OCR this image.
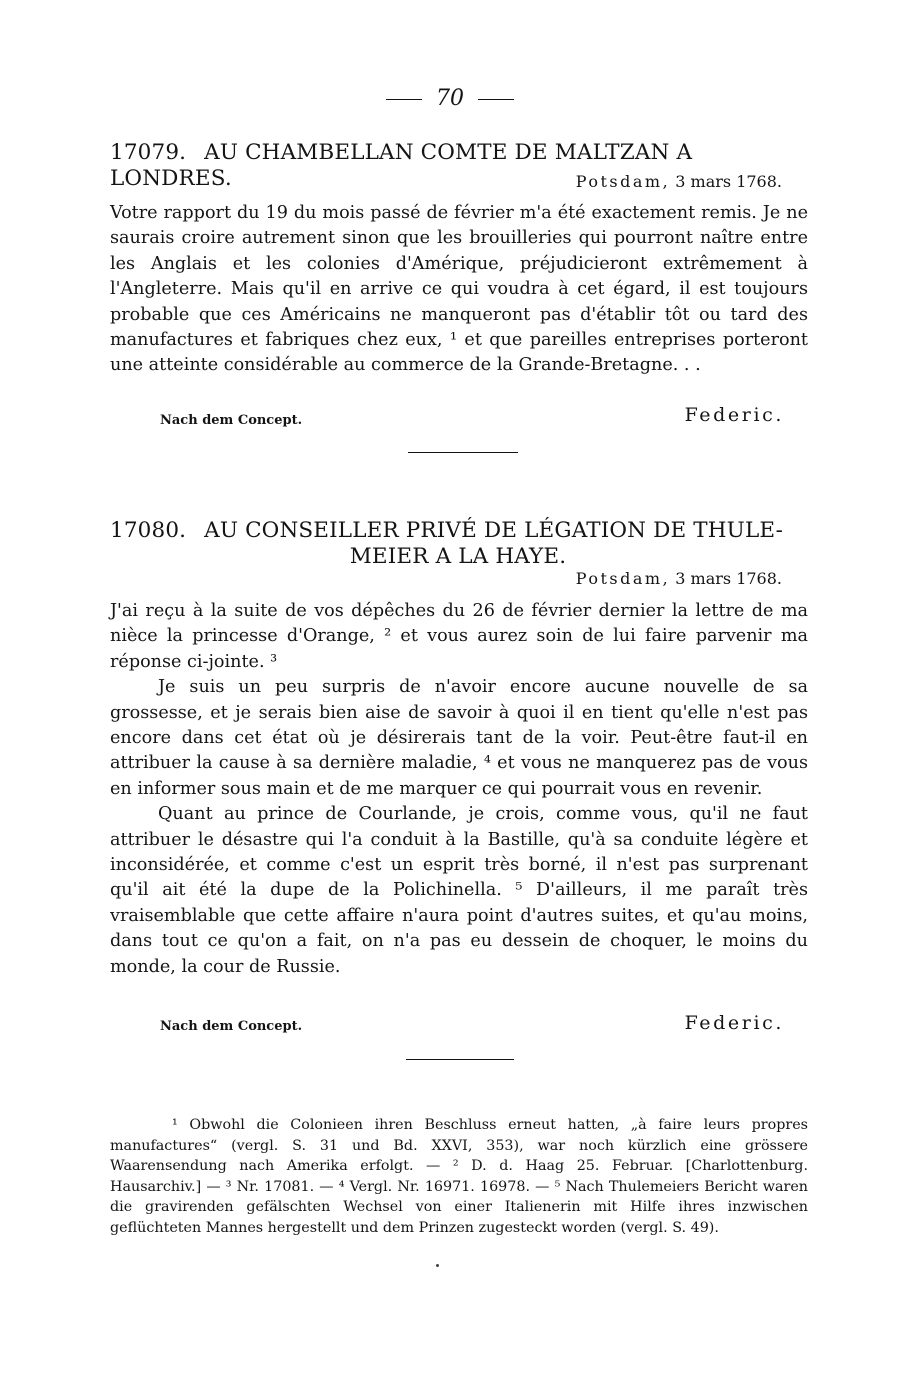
70
17079. AU CHAMBELLAN COMTE DE MALTZAN A LONDRES.	Potsdam, 3 mars 1768.
Votre rapport du 19 du mois passé de février m'a été exactement remis. Je ne saurais croire autrement sinon que les brouilleries qui pourront naître entre les Anglais et les colonies d'Amérique, préjudicieront extrêmement à l'Angleterre. Mais qu'il en arrive ce qui voudra à cet égard, il est toujours probable que ces Américains ne manqueront pas d'établir tôt ou tard des manufactures et fabriques chez eux, ¹ et que pareilles entreprises porteront une atteinte considérable au commerce de la Grande-Bretagne. . .
Nach dem Concept.	Federic.
17080. AU CONSEILLER PRIVÉ DE LÉGATION DE THULE-
MEIER A LA HAYE.
Potsdam, 3 mars 1768.
J'ai reçu à la suite de vos dépêches du 26 de février dernier la lettre de ma nièce la princesse d'Orange, ² et vous aurez soin de lui faire parvenir ma réponse ci-jointe. ³
Je suis un peu surpris de n'avoir encore aucune nouvelle de sa grossesse, et je serais bien aise de savoir à quoi il en tient qu'elle n'est pas encore dans cet état où je désirerais tant de la voir. Peut-être faut-il en attribuer la cause à sa dernière maladie, ⁴ et vous ne manquerez pas de vous en informer sous main et de me marquer ce qui pourrait vous en revenir.
Quant au prince de Courlande, je crois, comme vous, qu'il ne faut attribuer le désastre qui l'a conduit à la Bastille, qu'à sa conduite légère et inconsidérée, et comme c'est un esprit très borné, il n'est pas surprenant qu'il ait été la dupe de la Polichinella. ⁵ D'ailleurs, il me paraît très vraisemblable que cette affaire n'aura point d'autres suites, et qu'au moins, dans tout ce qu'on a fait, on n'a pas eu dessein de choquer, le moins du monde, la cour de Russie.
Nach dem Concept.	Federic.
¹ Obwohl die Colonieen ihren Beschluss erneut hatten, „à faire leurs propres manufactures“ (vergl. S. 31 und Bd. XXVI, 353), war noch kürzlich eine grössere Waarensendung nach Amerika erfolgt. — ² D. d. Haag 25. Februar. [Charlottenburg. Hausarchiv.] — ³ Nr. 17081. — ⁴ Vergl. Nr. 16971. 16978. — ⁵ Nach Thulemeiers Bericht waren die gravirenden gefälschten Wechsel von einer Italienerin mit Hilfe ihres inzwischen geflüchteten Mannes hergestellt und dem Prinzen zugesteckt worden (vergl. S. 49).
